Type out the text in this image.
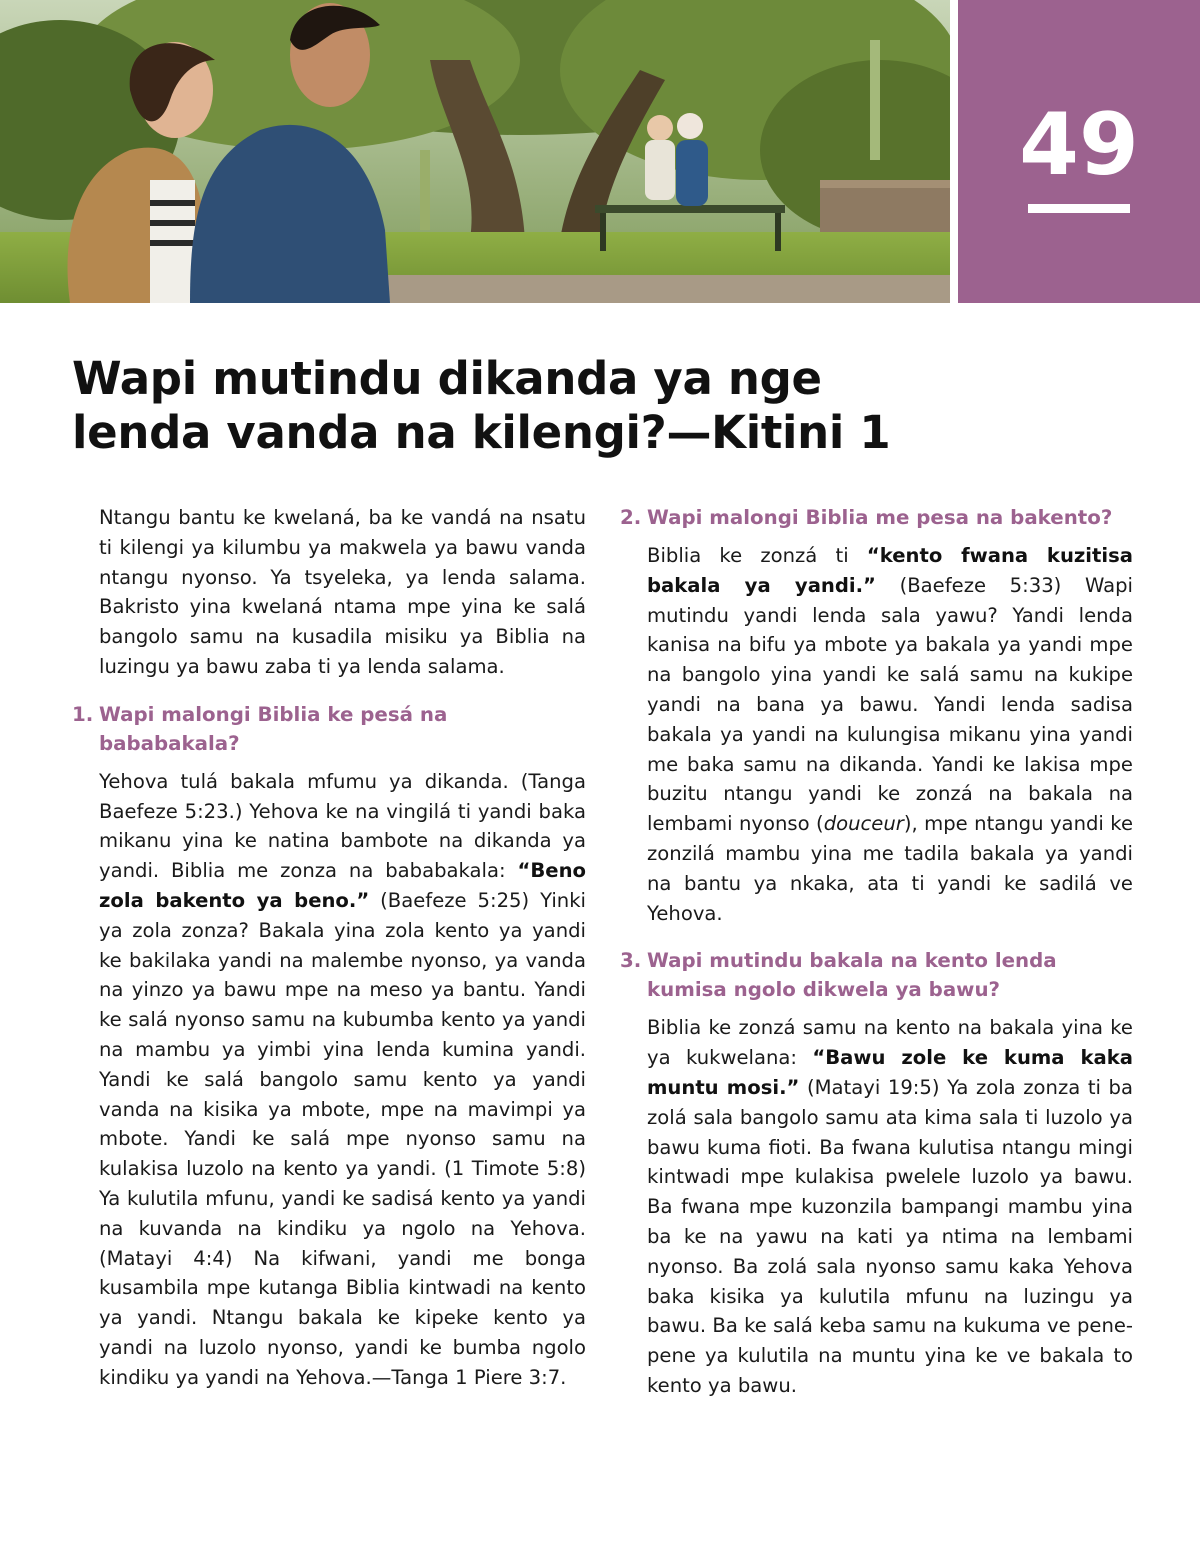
49
Wapi mutindu dikanda ya nge
lenda vanda na kilengi?—Kitini 1

Ntangu bantu ke kwelaná, ba ke vandá na nsatu ti kilengi ya kilumbu ya makwela ya bawu vanda ntangu nyonso. Ya tsyeleka, ya lenda salama. Bakristo yina kwelaná ntama mpe yina ke salá bangolo samu na kusadila misiku ya Biblia na luzingu ya bawu zaba ti ya lenda salama.

1. Wapi malongi Biblia ke pesá na bababakala?

Yehova tulá bakala mfumu ya dikanda. (Tanga Baefeze 5:23.) Yehova ke na vingilá ti yandi baka mikanu yina ke natina bambote na dikanda ya yandi. Biblia me zonza na bababakala: “Beno zola bakento ya beno.” (Baefeze 5:25) Yinki ya zola zonza? Bakala yina zola kento ya yandi ke bakilaka yandi na malembe nyonso, ya vanda na yinzo ya bawu mpe na meso ya bantu. Yandi ke salá nyonso samu na kubumba kento ya yandi na mambu ya yimbi yina lenda kumina yandi. Yandi ke salá bangolo samu kento ya yandi vanda na kisika ya mbote, mpe na mavimpi ya mbote. Yandi ke salá mpe nyonso samu na kulakisa luzolo na kento ya yandi. (1 Timote 5:8) Ya kulutila mfunu, yandi ke sadisá kento ya yandi na kuvanda na kindiku ya ngolo na Yehova. (Matayi 4:4) Na kifwani, yandi me bonga kusambila mpe kutanga Biblia kintwadi na kento ya yandi. Ntangu bakala ke kipeke kento ya yandi na luzolo nyonso, yandi ke bumba ngolo kindiku ya yandi na Yehova.—Tanga 1 Piere 3:7.

2. Wapi malongi Biblia me pesa na bakento?

Biblia ke zonzá ti “kento fwana kuzitisa bakala ya yandi.” (Baefeze 5:33) Wapi mutindu yandi lenda sala yawu? Yandi lenda kanisa na bifu ya mbote ya bakala ya yandi mpe na bangolo yina yandi ke salá samu na kukipe yandi na bana ya bawu. Yandi lenda sadisa bakala ya yandi na kulungisa mikanu yina yandi me baka samu na dikanda. Yandi ke lakisa mpe buzitu ntangu yandi ke zonzá na bakala na lembami nyonso (douceur), mpe ntangu yandi ke zonzilá mambu yina me tadila bakala ya yandi na bantu ya nkaka, ata ti yandi ke sadilá ve Yehova.

3. Wapi mutindu bakala na kento lenda
kumisa ngolo dikwela ya bawu?

Biblia ke zonzá samu na kento na bakala yina ke ya kukwelana: “Bawu zole ke kuma kaka muntu mosi.” (Matayi 19:5) Ya zola zonza ti ba zolá sala bangolo samu ata kima sala ti luzolo ya bawu kuma fioti. Ba fwana kulutisa ntangu mingi kintwadi mpe kulakisa pwelele luzolo ya bawu. Ba fwana mpe kuzonzila bampangi mambu yina ba ke na yawu na kati ya ntima na lembami nyonso. Ba zolá sala nyonso samu kaka Yehova baka kisika ya kulutila mfunu na luzingu ya bawu. Ba ke salá keba samu na kukuma ve pene-pene ya kulutila na muntu yina ke ve bakala to kento ya bawu.
